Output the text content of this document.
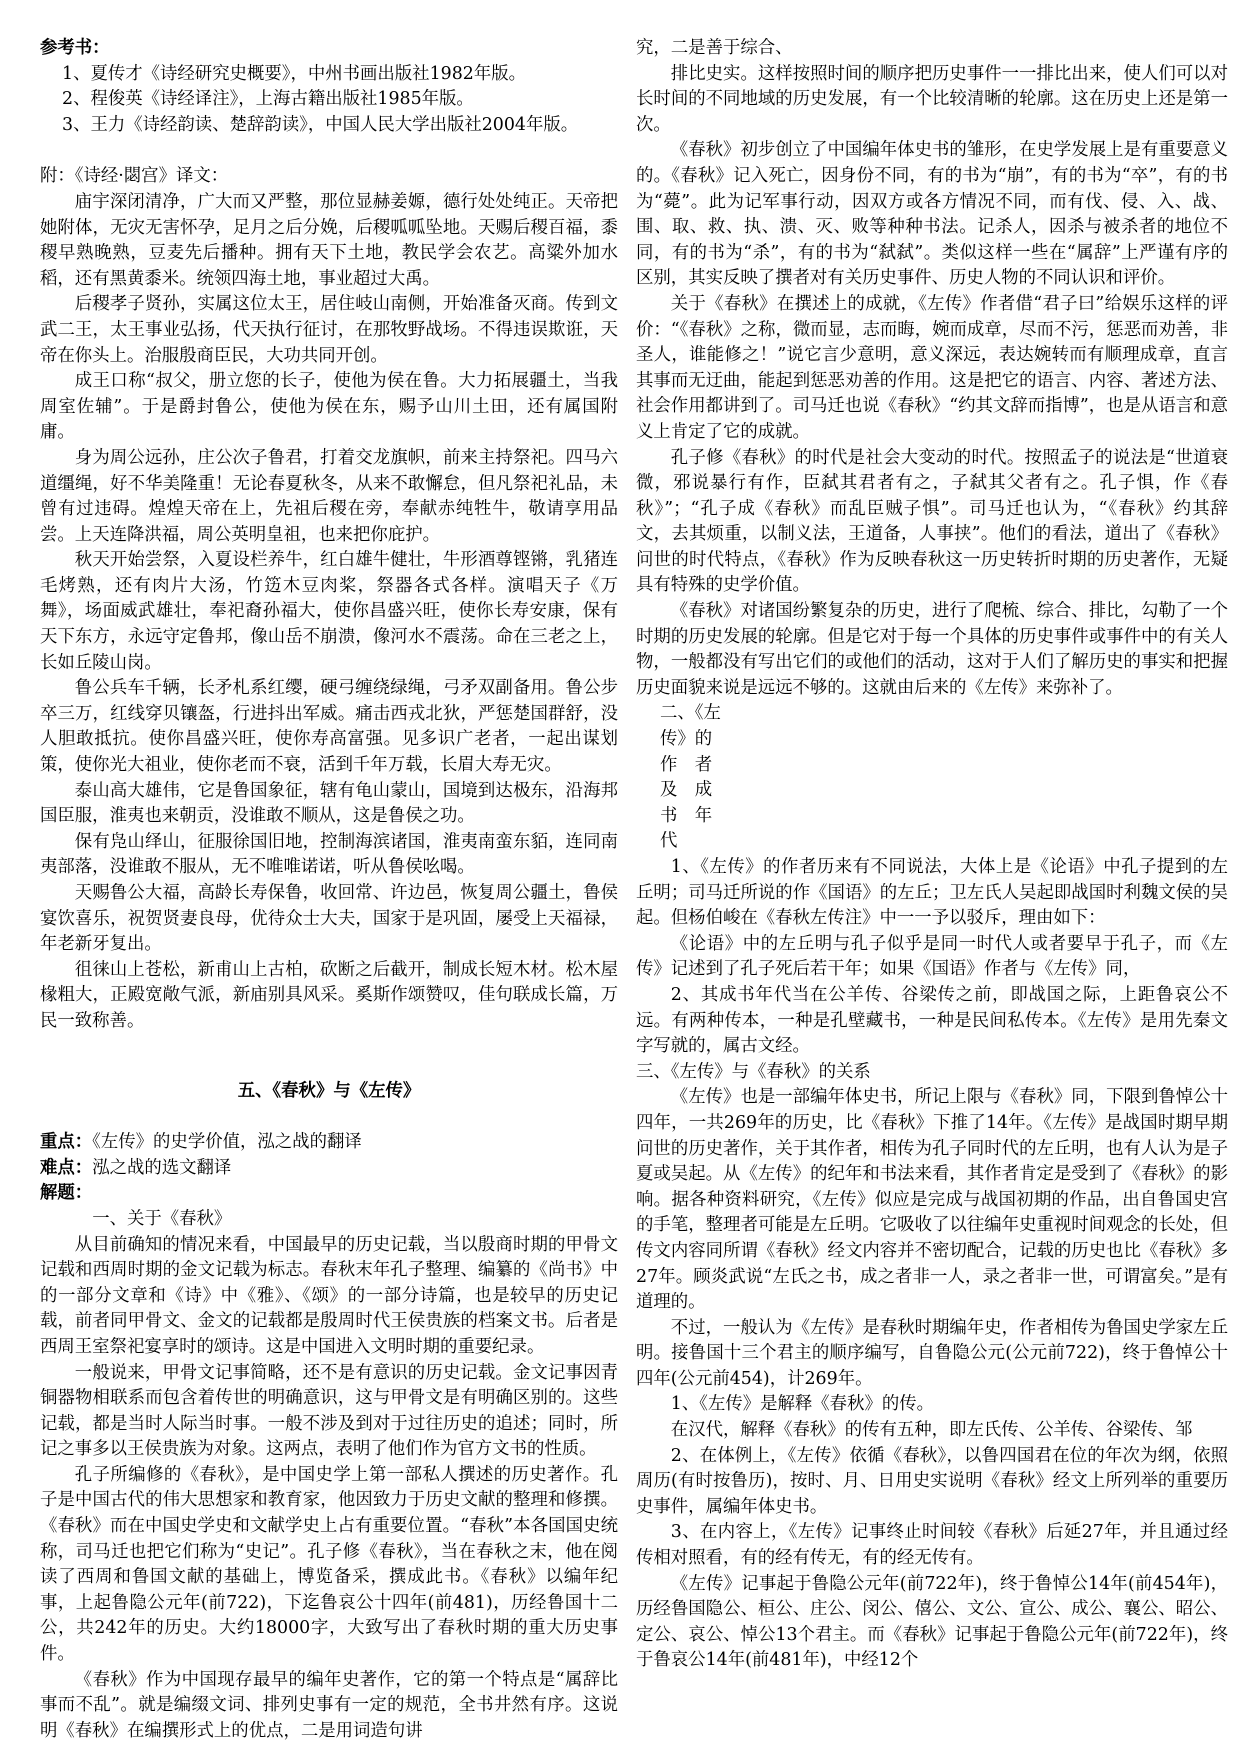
参考书：

1、夏传才《诗经研究史概要》，中州书画出版社1982年版。

2、程俊英《诗经译注》，上海古籍出版社1985年版。

3、王力《诗经韵读、楚辞韵读》，中国人民大学出版社2004年版。

附：《诗经·閟宫》译文：

庙宇深闭清净，广大而又严整，那位显赫姜嫄，德行处处纯正。天帝把她附体，无灾无害怀孕，足月之后分娩，后稷呱呱坠地。天赐后稷百福，黍稷早熟晚熟，豆麦先后播种。拥有天下土地，教民学会农艺。高粱外加水稻，还有黑黄黍米。统领四海土地，事业超过大禹。

后稷孝子贤孙，实属这位太王，居住岐山南侧，开始准备灭商。传到文武二王，太王事业弘扬，代天执行征讨，在那牧野战场。不得违误欺诳，天帝在你头上。治服殷商臣民，大功共同开创。

成王口称“叔父，册立您的长子，使他为侯在鲁。大力拓展疆土，当我周室佐辅”。于是爵封鲁公，使他为侯在东，赐予山川土田，还有属国附庸。

身为周公远孙，庄公次子鲁君，打着交龙旗帜，前来主持祭祀。四马六道缰绳，好不华美隆重！无论春夏秋冬，从来不敢懈怠，但凡祭祀礼品，未曾有过违碍。煌煌天帝在上，先祖后稷在旁，奉献赤纯牲牛，敬请享用品尝。上天连降洪福，周公英明皇祖，也来把你庇护。

秋天开始尝祭，入夏设栏养牛，红白雄牛健壮，牛形酒尊铿锵，乳猪连毛烤熟，还有肉片大汤，竹笾木豆肉桨，祭器各式各样。演唱天子《万舞》，场面威武雄壮，奉祀裔孙福大，使你昌盛兴旺，使你长寿安康，保有天下东方，永远守定鲁邦，像山岳不崩溃，像河水不震荡。命在三老之上，长如丘陵山岗。

鲁公兵车千辆，长矛札系红缨，硬弓缠绕绿绳，弓矛双副备用。鲁公步卒三万，红线穿贝镶盔，行进抖出军威。痛击西戎北狄，严惩楚国群舒，没人胆敢抵抗。使你昌盛兴旺，使你寿高富强。见多识广老者，一起出谋划策，使你光大祖业，使你老而不衰，活到千年万载，长眉大寿无灾。

泰山高大雄伟，它是鲁国象征，辖有龟山蒙山，国境到达极东，沿海邦国臣服，淮夷也来朝贡，没谁敢不顺从，这是鲁侯之功。

保有凫山绎山，征服徐国旧地，控制海滨诸国，淮夷南蛮东貊，连同南夷部落，没谁敢不服从，无不唯唯诺诺，听从鲁侯吆喝。

天赐鲁公大福，高龄长寿保鲁，收回常、许边邑，恢复周公疆土，鲁侯宴饮喜乐，祝贺贤妻良母，优待众士大夫，国家于是巩固，屡受上天福禄，年老新牙复出。

徂徕山上苍松，新甫山上古柏，砍断之后截开，制成长短木材。松木屋椽粗大，正殿宽敞气派，新庙别具风采。奚斯作颂赞叹，佳句联成长篇，万民一致称善。

五、《春秋》与《左传》

重点：《左传》的史学价值，泓之战的翻译

难点：泓之战的选文翻译

解题：

一、关于《春秋》

从目前确知的情况来看，中国最早的历史记载，当以殷商时期的甲骨文记载和西周时期的金文记载为标志。春秋末年孔子整理、编纂的《尚书》中的一部分文章和《诗》中《雅》、《颂》的一部分诗篇，也是较早的历史记载，前者同甲骨文、金文的记载都是殷周时代王侯贵族的档案文书。后者是西周王室祭祀宴享时的颂诗。这是中国进入文明时期的重要纪录。

一般说来，甲骨文记事简略，还不是有意识的历史记载。金文记事因青铜器物相联系而包含着传世的明确意识，这与甲骨文是有明确区别的。这些记载，都是当时人际当时事。一般不涉及到对于过往历史的追述；同时，所记之事多以王侯贵族为对象。这两点，表明了他们作为官方文书的性质。

孔子所编修的《春秋》，是中国史学上第一部私人撰述的历史著作。孔子是中国古代的伟大思想家和教育家，他因致力于历史文献的整理和修撰。《春秋》而在中国史学史和文献学史上占有重要位置。“春秋”本各国国史统称，司马迁也把它们称为“史记”。孔子修《春秋》，当在春秋之末，他在阅读了西周和鲁国文献的基础上，博览备采，撰成此书。《春秋》以编年纪事，上起鲁隐公元年(前722)，下迄鲁哀公十四年(前481)，历经鲁国十二公，共242年的历史。大约18000字，大致写出了春秋时期的重大历史事件。

《春秋》作为中国现存最早的编年史著作，它的第一个特点是“属辞比事而不乱”。就是编缀文词、排列史事有一定的规范，全书井然有序。这说明《春秋》在编撰形式上的优点，二是用词造句讲

究，二是善于综合、

排比史实。这样按照时间的顺序把历史事件一一排比出来，使人们可以对长时间的不同地域的历史发展，有一个比较清晰的轮廓。这在历史上还是第一次。

《春秋》初步创立了中国编年体史书的雏形，在史学发展上是有重要意义的。《春秋》记入死亡，因身份不同，有的书为“崩”，有的书为“卒”，有的书为“薨”。此为记军事行动，因双方或各方情况不同，而有伐、侵、入、战、围、取、救、执、溃、灭、败等种种书法。记杀人，因杀与被杀者的地位不同，有的书为“杀”，有的书为“弑弑”。类似这样一些在“属辞”上严谨有序的区别，其实反映了撰者对有关历史事件、历史人物的不同认识和评价。

关于《春秋》在撰述上的成就，《左传》作者借“君子曰”给娱乐这样的评价：“《春秋》之称，微而显，志而晦，婉而成章，尽而不污，惩恶而劝善，非圣人，谁能修之！”说它言少意明，意义深远，表达婉转而有顺理成章，直言其事而无迂曲，能起到惩恶劝善的作用。这是把它的语言、内容、著述方法、社会作用都讲到了。司马迁也说《春秋》“约其文辞而指博”，也是从语言和意义上肯定了它的成就。

孔子修《春秋》的时代是社会大变动的时代。按照孟子的说法是“世道衰微，邪说暴行有作，臣弑其君者有之，子弑其父者有之。孔子惧，作《春秋》”；“孔子成《春秋》而乱臣贼子惧”。司马迁也认为，“《春秋》约其辞文，去其烦重，以制义法，王道备，人事挟”。他们的看法，道出了《春秋》问世的时代特点，《春秋》作为反映春秋这一历史转折时期的历史著作，无疑具有特殊的史学价值。

《春秋》对诸国纷繁复杂的历史，进行了爬梳、综合、排比，勾勒了一个时期的历史发展的轮廓。但是它对于每一个具体的历史事件或事件中的有关人物，一般都没有写出它们的或他们的活动，这对于人们了解历史的事实和把握历史面貌来说是远远不够的。这就由后来的《左传》来弥补了。

二、《左
传》的
作　者
及　成
书　年
代

1、《左传》的作者历来有不同说法，大体上是《论语》中孔子提到的左丘明；司马迁所说的作《国语》的左丘；卫左氏人吴起即战国时利魏文侯的吴起。但杨伯峻在《春秋左传注》中一一予以驳斥，理由如下：

《论语》中的左丘明与孔子似乎是同一时代人或者要早于孔子，而《左传》记述到了孔子死后若干年；如果《国语》作者与《左传》同，

2、其成书年代当在公羊传、谷梁传之前，即战国之际，上距鲁哀公不远。有两种传本，一种是孔壁藏书，一种是民间私传本。《左传》是用先秦文字写就的，属古文经。

三、《左传》与《春秋》的关系

《左传》也是一部编年体史书，所记上限与《春秋》同，下限到鲁悼公十四年，一共269年的历史，比《春秋》下推了14年。《左传》是战国时期早期问世的历史著作，关于其作者，相传为孔子同时代的左丘明，也有人认为是子夏或吴起。从《左传》的纪年和书法来看，其作者肯定是受到了《春秋》的影响。据各种资料研究，《左传》似应是完成与战国初期的作品，出自鲁国史宫的手笔，整理者可能是左丘明。它吸收了以往编年史重视时间观念的长处，但传文内容同所谓《春秋》经文内容并不密切配合，记载的历史也比《春秋》多27年。顾炎武说“左氏之书，成之者非一人，录之者非一世，可谓富矣。”是有道理的。

不过，一般认为《左传》是春秋时期编年史，作者相传为鲁国史学家左丘明。接鲁国十三个君主的顺序编写，自鲁隐公元(公元前722)，终于鲁悼公十四年(公元前454)，计269年。

1、《左传》是解释《春秋》的传。

在汉代，解释《春秋》的传有五种，即左氏传、公羊传、谷梁传、邹

2、在体例上，《左传》依循《春秋》，以鲁四国君在位的年次为纲，依照周历(有时按鲁历)，按时、月、日用史实说明《春秋》经文上所列举的重要历史事件，属编年体史书。

3、在内容上，《左传》记事终止时间较《春秋》后延27年，并且通过经传相对照看，有的经有传无，有的经无传有。

《左传》记事起于鲁隐公元年(前722年)，终于鲁悼公14年(前454年)，历经鲁国隐公、桓公、庄公、闵公、僖公、文公、宣公、成公、襄公、昭公、定公、哀公、悼公13个君主。而《春秋》记事起于鲁隐公元年(前722年)，终于鲁哀公14年(前481年)，中经12个
